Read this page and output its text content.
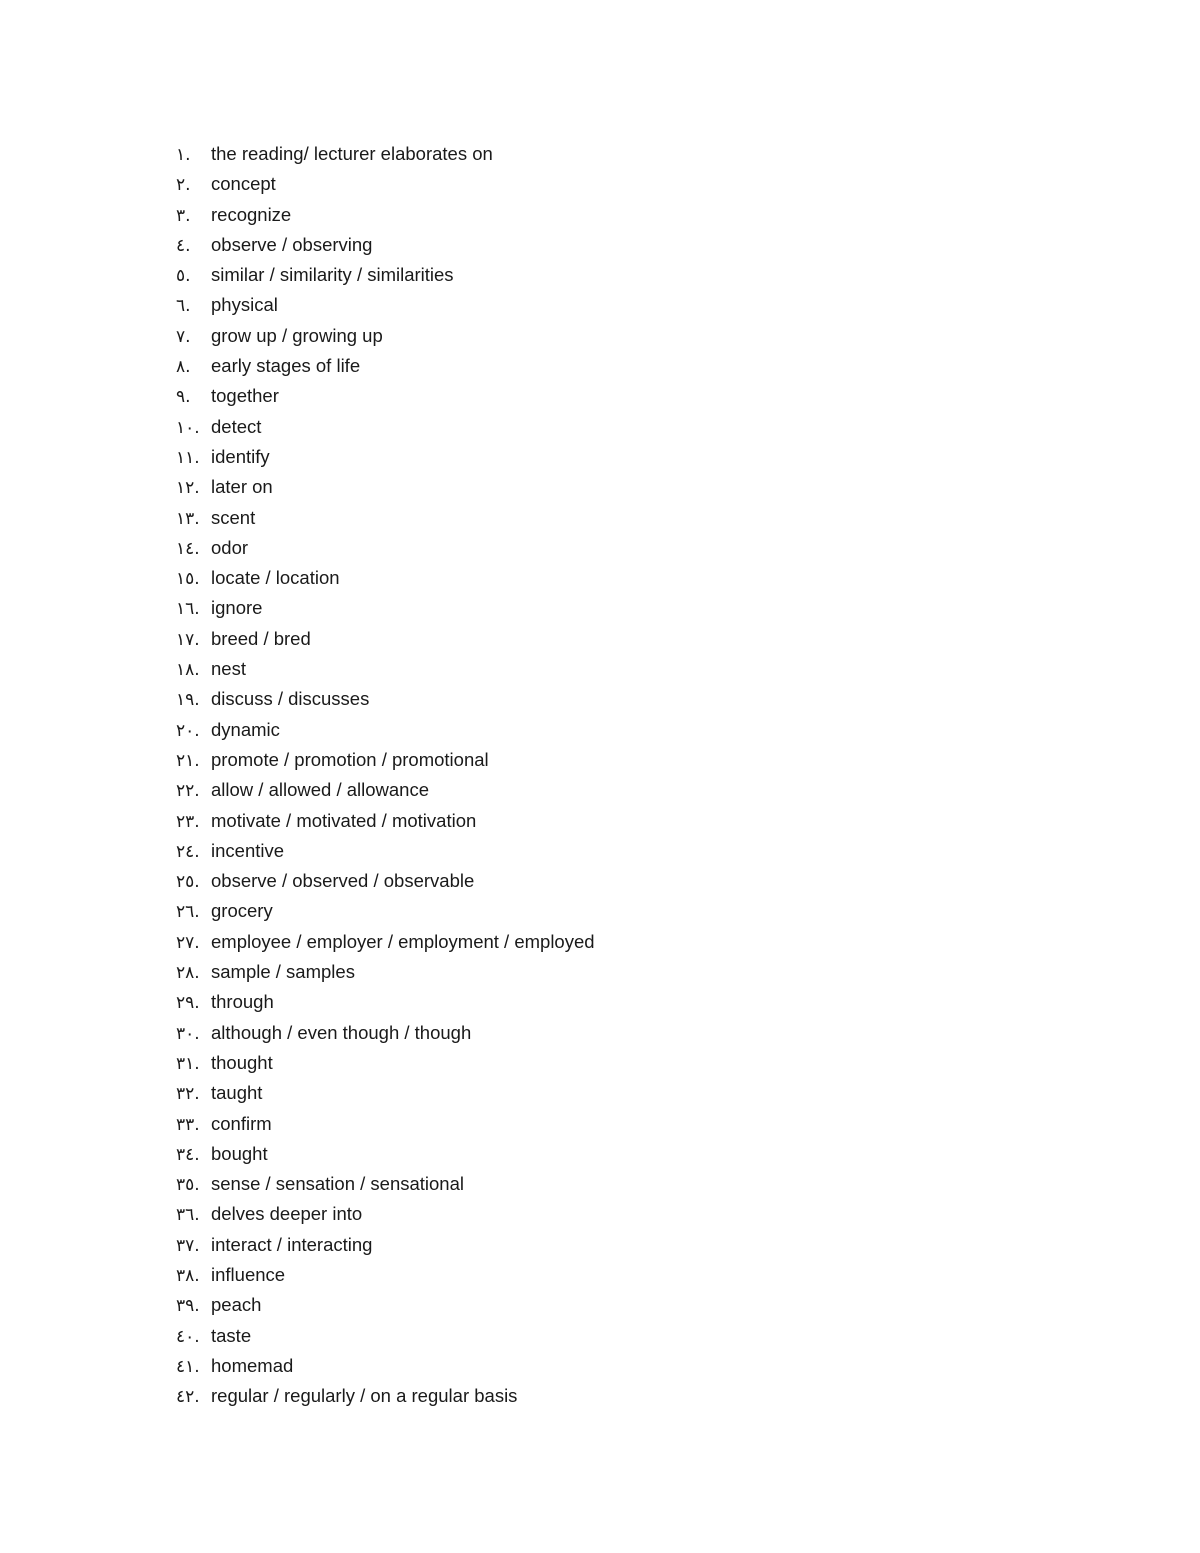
١.	the reading/ lecturer elaborates on
٢.	concept
٣.	recognize
٤.	observe / observing
٥.	similar / similarity / similarities
٦.	physical
٧.	grow up / growing up
٨.	early stages of life
٩.	together
١٠. detect
١١. identify
١٢. later on
١٣. scent
١٤. odor
١٥. locate / location
١٦. ignore
١٧. breed / bred
١٨. nest
١٩. discuss / discusses
٢٠. dynamic
٢١. promote / promotion / promotional
٢٢. allow / allowed / allowance
٢٣. motivate / motivated / motivation
٢٤. incentive
٢٥. observe / observed / observable
٢٦. grocery
٢٧. employee / employer / employment / employed
٢٨. sample / samples
٢٩. through
٣٠. although / even though / though
٣١. thought
٣٢. taught
٣٣. confirm
٣٤. bought
٣٥. sense / sensation / sensational
٣٦. delves deeper into
٣٧. interact / interacting
٣٨. influence
٣٩. peach
٤٠. taste
٤١. homemad
٤٢. regular / regularly / on a regular basis
